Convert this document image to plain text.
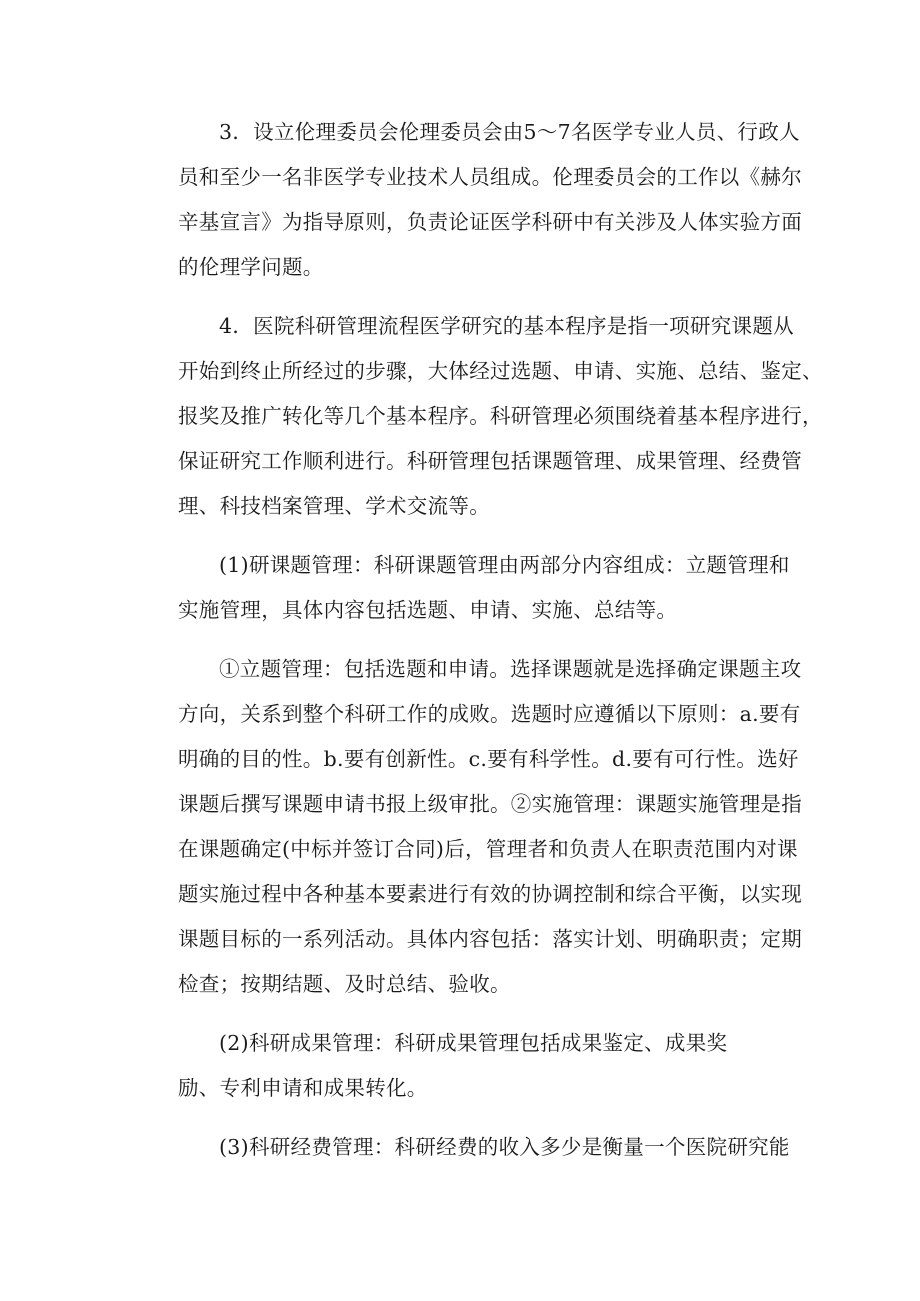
3．设立伦理委员会伦理委员会由5～7名医学专业人员、行政人
员和至少一名非医学专业技术人员组成。伦理委员会的工作以《赫尔
辛基宣言》为指导原则，负责论证医学科研中有关涉及人体实验方面
的伦理学问题。
4．医院科研管理流程医学研究的基本程序是指一项研究课题从
开始到终止所经过的步骤，大体经过选题、申请、实施、总结、鉴定、
报奖及推广转化等几个基本程序。科研管理必须围绕着基本程序进行，
保证研究工作顺利进行。科研管理包括课题管理、成果管理、经费管
理、科技档案管理、学术交流等。
(1)研课题管理：科研课题管理由两部分内容组成：立题管理和
实施管理，具体内容包括选题、申请、实施、总结等。
①立题管理：包括选题和申请。选择课题就是选择确定课题主攻
方向，关系到整个科研工作的成败。选题时应遵循以下原则：a.要有
明确的目的性。b.要有创新性。c.要有科学性。d.要有可行性。选好
课题后撰写课题申请书报上级审批。②实施管理：课题实施管理是指
在课题确定(中标并签订合同)后，管理者和负责人在职责范围内对课
题实施过程中各种基本要素进行有效的协调控制和综合平衡，以实现
课题目标的一系列活动。具体内容包括：落实计划、明确职责；定期
检查；按期结题、及时总结、验收。
(2)科研成果管理：科研成果管理包括成果鉴定、成果奖
励、专利申请和成果转化。
(3)科研经费管理：科研经费的收入多少是衡量一个医院研究能
